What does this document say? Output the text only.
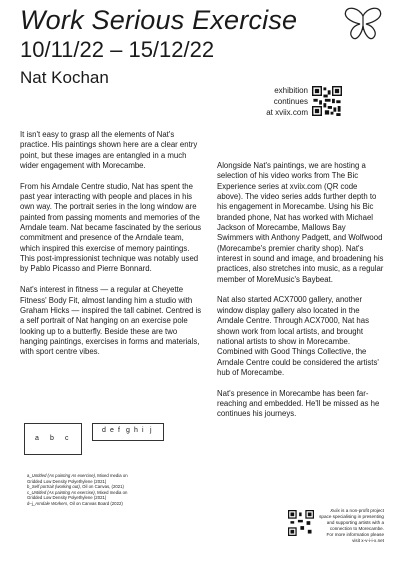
Work Serious Exercise
10/11/22 – 15/12/22
Nat Kochan
exhibition
continues
at xviix.com

It isn't easy to grasp all the elements of Nat's practice. His paintings shown here are a clear entry point, but these images are entangled in a much wider engagement with Morecambe.

From his Arndale Centre studio, Nat has spent the past year interacting with people and places in his own way. The portrait series in the long window are painted from passing moments and memories of the Arndale team. Nat became fascinated by the serious commitment and presence of the Arndale team, which inspired this exercise of memory paintings. This post-impressionist technique was notably used by Pablo Picasso and Pierre Bonnard.

Nat's interest in fitness — a regular at Cheyette Fitness' Body Fit, almost landing him a studio with Graham Hicks — inspired the tall cabinet. Centred is a self portrait of Nat hanging on an exercise pole looking up to a butterfly. Beside these are two hanging paintings, exercises in forms and materials, with sport centre vibes.

Alongside Nat's paintings, we are hosting a selection of his video works from The Bic Experience series at xviix.com (QR code above). The video series adds further depth to his engagement in Morecambe. Using his Bic branded phone, Nat has worked with Michael Jackson of Morecambe, Mallows Bay Swimmers with Anthony Padgett, and Wolfwood (Morecambe's premier charity shop). Nat's interest in sound and image, and broadening his practices, also stretches into music, as a regular member of MoreMusic's Baybeat.

Nat also started ACX7000 gallery, another window display gallery also located in the Arndale Centre. Through ACX7000, Nat has shown work from local artists, and brought national artists to show in Morecambe. Combined with Good Things Collective, the Arndale Centre could be considered the artists' hub of Morecambe.

Nat's presence in Morecambe has been far-reaching and embedded. He'll be missed as he continues his journeys.

a b c
d e f g h i j
a_Untitled (As painting As exercise), Mixed media on
Gridded Low Density Polyethylene (2021)
b_Self portrait (working out), Oil on Canvas, (2021)
c_Untitled (As painting As exercise), Mixed media on
Gridded Low Density Polyethylene (2021)
d–j_Arndale Workers, Oil on Canvas Board (2022)
Xviix is a non-profit project
space specialising in presenting
and supporting artists with a
connection to Morecambe.
For more information please
visit x-v-i-i-x.net
